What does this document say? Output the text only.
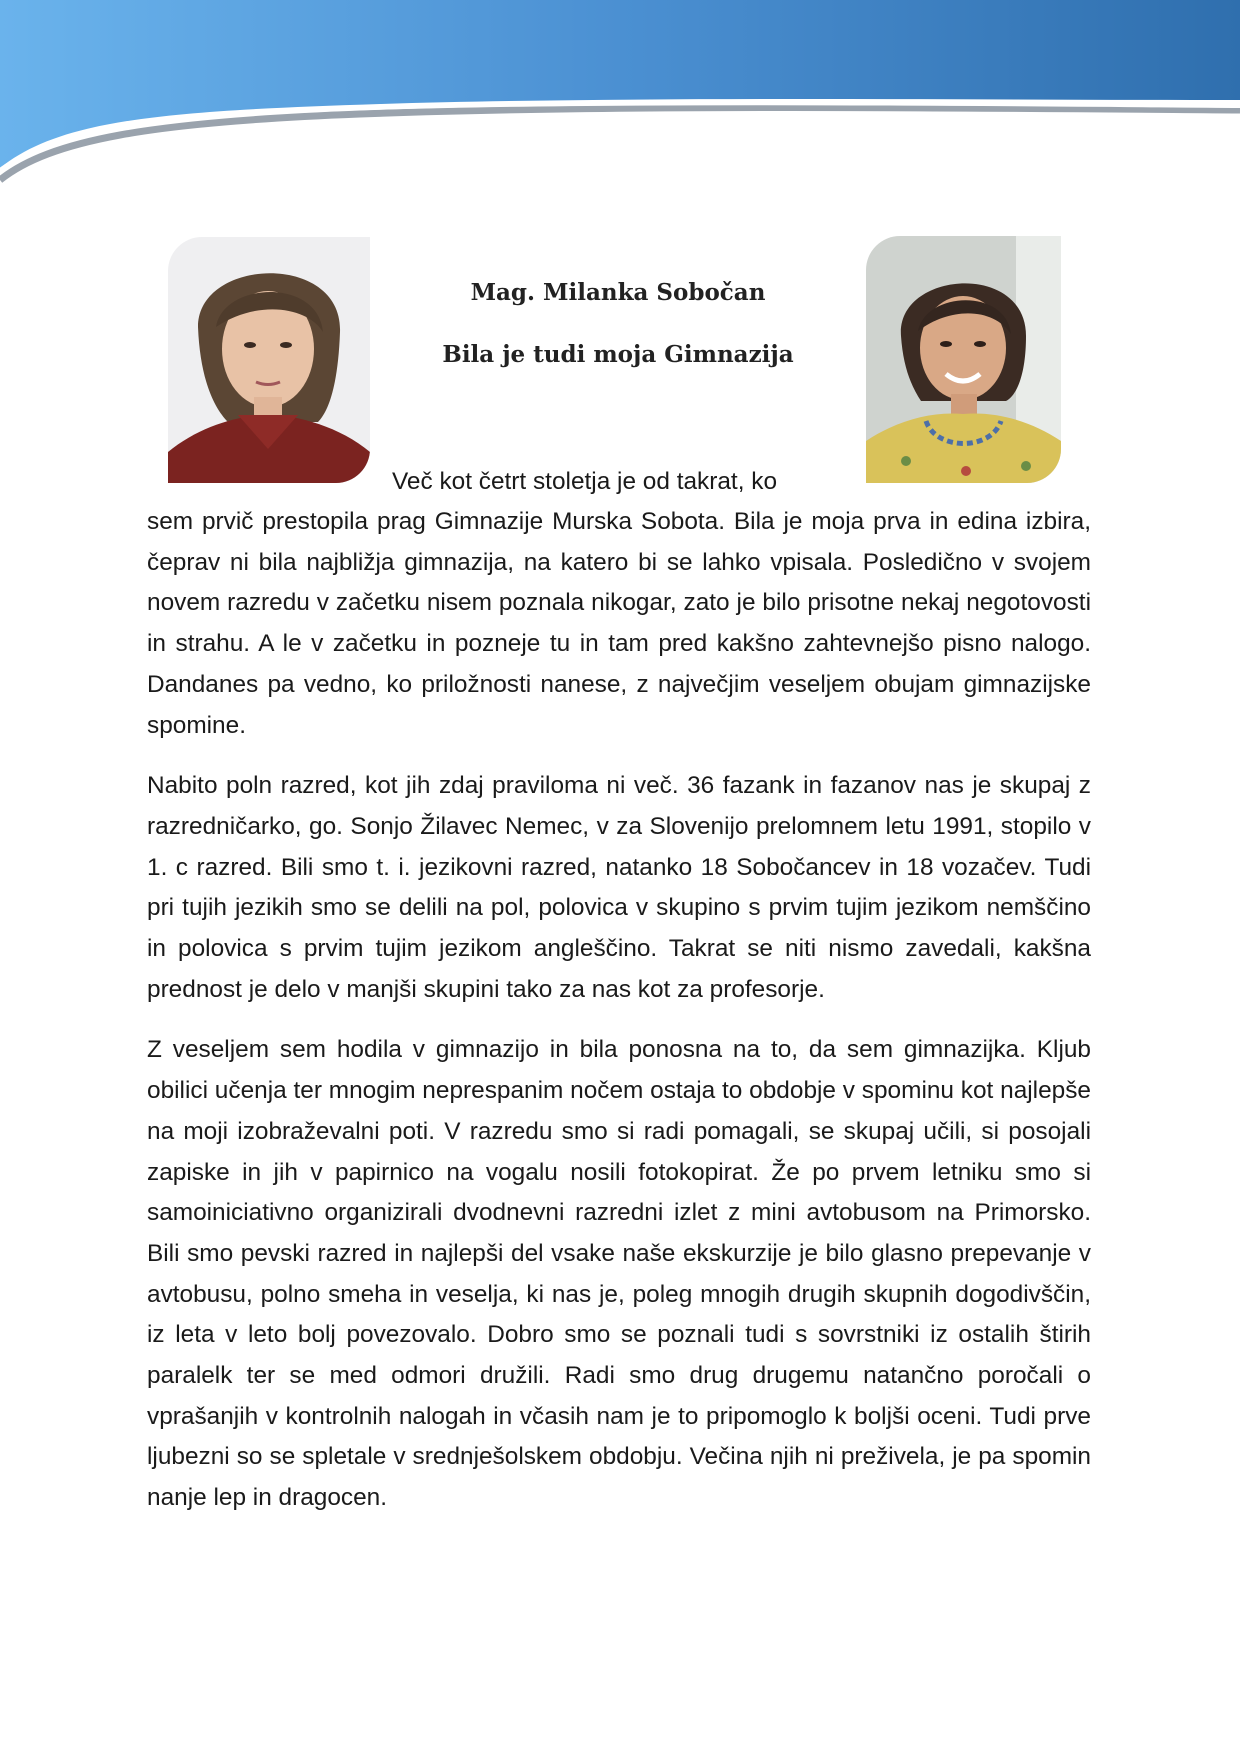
Mag. Milanka Sobočan
Bila je tudi moja Gimnazija

Več kot četrt stoletja je od takrat, ko

sem prvič prestopila prag Gimnazije Murska Sobota. Bila je moja prva in edina izbira, čeprav ni bila najbližja gimnazija, na katero bi se lahko vpisala. Posledično v svojem novem razredu v začetku nisem poznala nikogar, zato je bilo prisotne nekaj negotovosti in strahu. A le v začetku in pozneje tu in tam pred kakšno zahtevnejšo pisno nalogo. Dandanes pa vedno, ko priložnosti nanese, z največjim veseljem obujam gimnazijske spomine.

Nabito poln razred, kot jih zdaj praviloma ni več. 36 fazank in fazanov nas je skupaj z razredničarko, go. Sonjo Žilavec Nemec, v za Slovenijo prelomnem letu 1991, stopilo v 1. c razred. Bili smo t. i. jezikovni razred, natanko 18 Sobočancev in 18 vozačev. Tudi pri tujih jezikih smo se delili na pol, polovica v skupino s prvim tujim jezikom nemščino in polovica s prvim tujim jezikom angleščino. Takrat se niti nismo zavedali, kakšna prednost je delo v manjši skupini tako za nas kot za profesorje.

Z veseljem sem hodila v gimnazijo in bila ponosna na to, da sem gimnazijka. Kljub obilici učenja ter mnogim neprespanim nočem ostaja to obdobje v spominu kot najlepše na moji izobraževalni poti. V razredu smo si radi pomagali, se skupaj učili, si posojali zapiske in jih v papirnico na vogalu nosili fotokopirat. Že po prvem letniku smo si samoiniciativno organizirali dvodnevni razredni izlet z mini avtobusom na Primorsko. Bili smo pevski razred in najlepši del vsake naše ekskurzije je bilo glasno prepevanje v avtobusu, polno smeha in veselja, ki nas je, poleg mnogih drugih skupnih dogodivščin, iz leta v leto bolj povezovalo. Dobro smo se poznali tudi s sovrstniki iz ostalih štirih paralelk ter se med odmori družili. Radi smo drug drugemu natančno poročali o vprašanjih v kontrolnih nalogah in včasih nam je to pripomoglo k boljši oceni. Tudi prve ljubezni so se spletale v srednješolskem obdobju. Večina njih ni preživela, je pa spomin nanje lep in dragocen.
